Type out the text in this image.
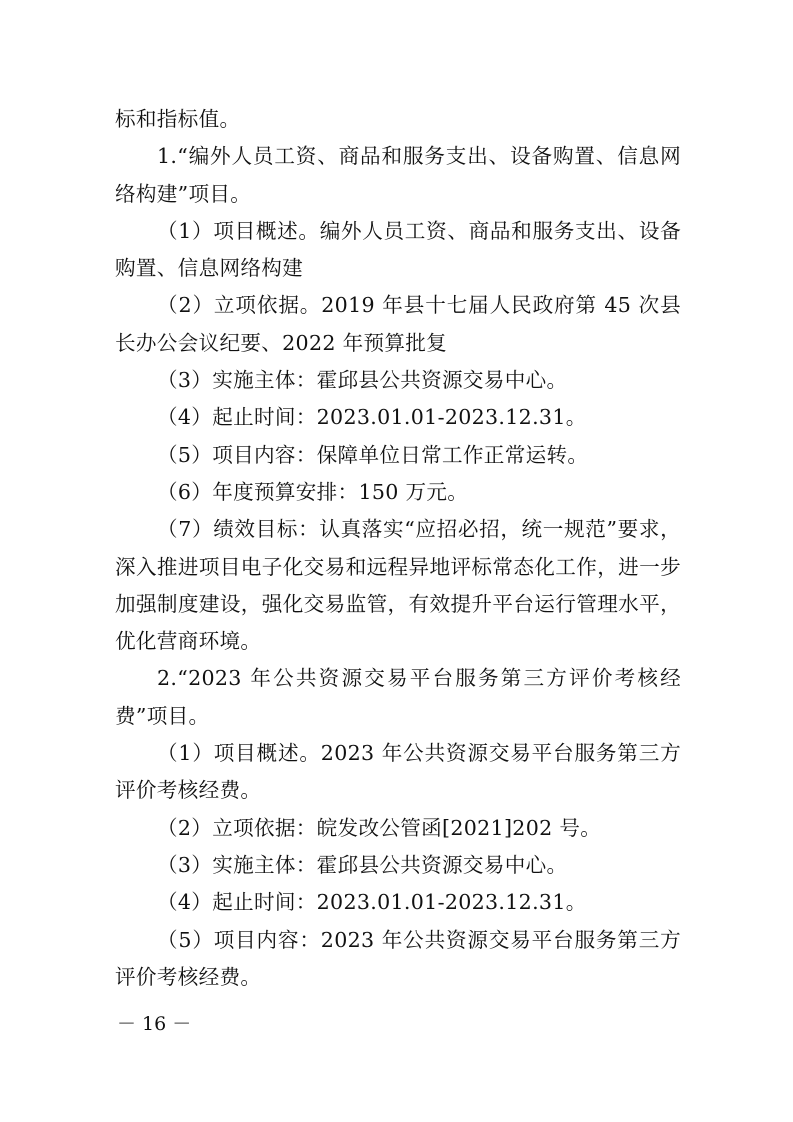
标和指标值。

1.“编外人员工资、商品和服务支出、设备购置、信息网络构建”项目。

（1）项目概述。编外人员工资、商品和服务支出、设备购置、信息网络构建

（2）立项依据。2019 年县十七届人民政府第 45 次县长办公会议纪要、2022 年预算批复

（3）实施主体：霍邱县公共资源交易中心。

（4）起止时间：2023.01.01-2023.12.31。

（5）项目内容：保障单位日常工作正常运转。

（6）年度预算安排：150 万元。

（7）绩效目标：认真落实“应招必招，统一规范”要求，深入推进项目电子化交易和远程异地评标常态化工作，进一步加强制度建设，强化交易监管，有效提升平台运行管理水平，优化营商环境。

2.“2023 年公共资源交易平台服务第三方评价考核经费”项目。

（1）项目概述。2023 年公共资源交易平台服务第三方评价考核经费。

（2）立项依据：皖发改公管函[2021]202 号。

（3）实施主体：霍邱县公共资源交易中心。

（4）起止时间：2023.01.01-2023.12.31。

（5）项目内容：2023 年公共资源交易平台服务第三方评价考核经费。

－ 16 －
